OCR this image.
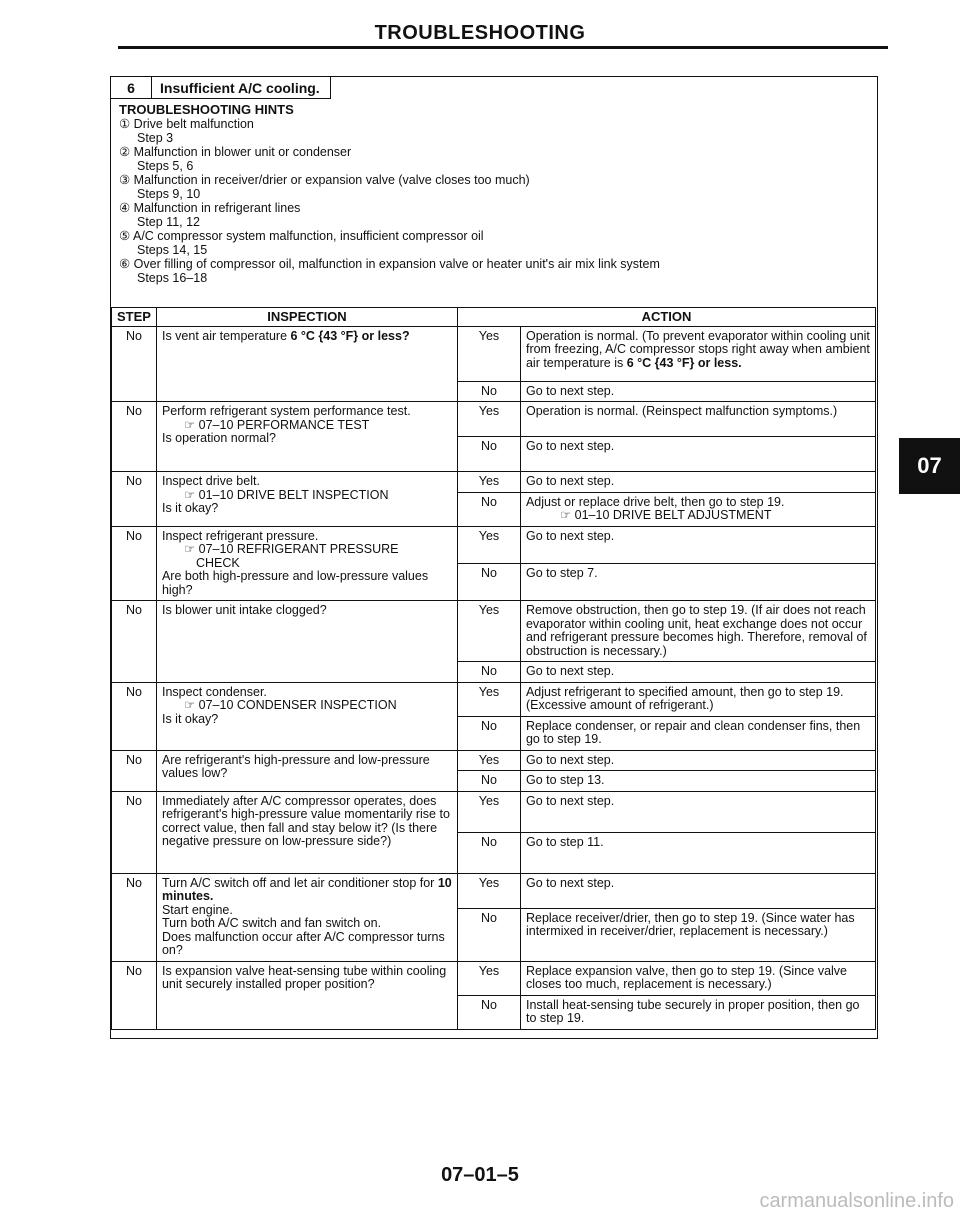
TROUBLESHOOTING
07
6	Insufficient A/C cooling.
TROUBLESHOOTING HINTS
① Drive belt malfunction
Step 3
② Malfunction in blower unit or condenser
Steps 5, 6
③ Malfunction in receiver/drier or expansion valve (valve closes too much)
Steps 9, 10
④ Malfunction in refrigerant lines
Step 11, 12
⑤ A/C compressor system malfunction, insufficient compressor oil
Steps 14, 15
⑥ Over filling of compressor oil, malfunction in expansion valve or heater unit's air mix link system
Steps 16–18
STEP	INSPECTION	ACTION	
No	Is vent air temperature 6 °C {43 °F} or less?	Yes	Operation is normal. (To prevent evaporator within cooling unit from freezing, A/C compressor stops right away when ambient air temperature is 6 °C {43 °F} or less.
		No	Go to next step.
No	Perform refrigerant system performance test.
☞ 07–10 PERFORMANCE TEST
Is operation normal?	Yes	Operation is normal. (Reinspect malfunction symptoms.)
		No	Go to next step.
No	Inspect drive belt.
☞ 01–10 DRIVE BELT INSPECTION
Is it okay?	Yes	Go to next step.
		No	Adjust or replace drive belt, then go to step 19.
☞ 01–10 DRIVE BELT ADJUSTMENT

No	Inspect refrigerant pressure.
☞ 07–10 REFRIGERANT PRESSURE
CHECK
Are both high-pressure and low-pressure values high?	Yes	Go to next step.
		No	Go to step 7.
No	Is blower unit intake clogged?	Yes	Remove obstruction, then go to step 19. (If air does not reach evaporator within cooling unit, heat exchange does not occur and refrigerant pressure becomes high. Therefore, removal of obstruction is necessary.)
		No	Go to next step.
No	Inspect condenser.
☞ 07–10 CONDENSER INSPECTION
Is it okay?	Yes	Adjust refrigerant to specified amount, then go to step 19. (Excessive amount of refrigerant.)
		No	Replace condenser, or repair and clean condenser fins, then go to step 19.
No	Are refrigerant's high-pressure and low-pressure values low?	Yes	Go to next step.
		No	Go to step 13.
No	Immediately after A/C compressor operates, does refrigerant's high-pressure value momentarily rise to correct value, then fall and stay below it? (Is there negative pressure on low-pressure side?)	Yes	Go to next step.
		No	Go to step 11.
No	Turn A/C switch off and let air conditioner stop for 10 minutes.
Start engine.
Turn both A/C switch and fan switch on.
Does malfunction occur after A/C compressor turns on?	Yes	Go to next step.
		No	Replace receiver/drier, then go to step 19. (Since water has intermixed in receiver/drier, replacement is necessary.)
No	Is expansion valve heat-sensing tube within cooling unit securely installed proper position?	Yes	Replace expansion valve, then go to step 19. (Since valve closes too much, replacement is necessary.)
		No	Install heat-sensing tube securely in proper position, then go to step 19.
07–01–5
carmanualsonline.info
